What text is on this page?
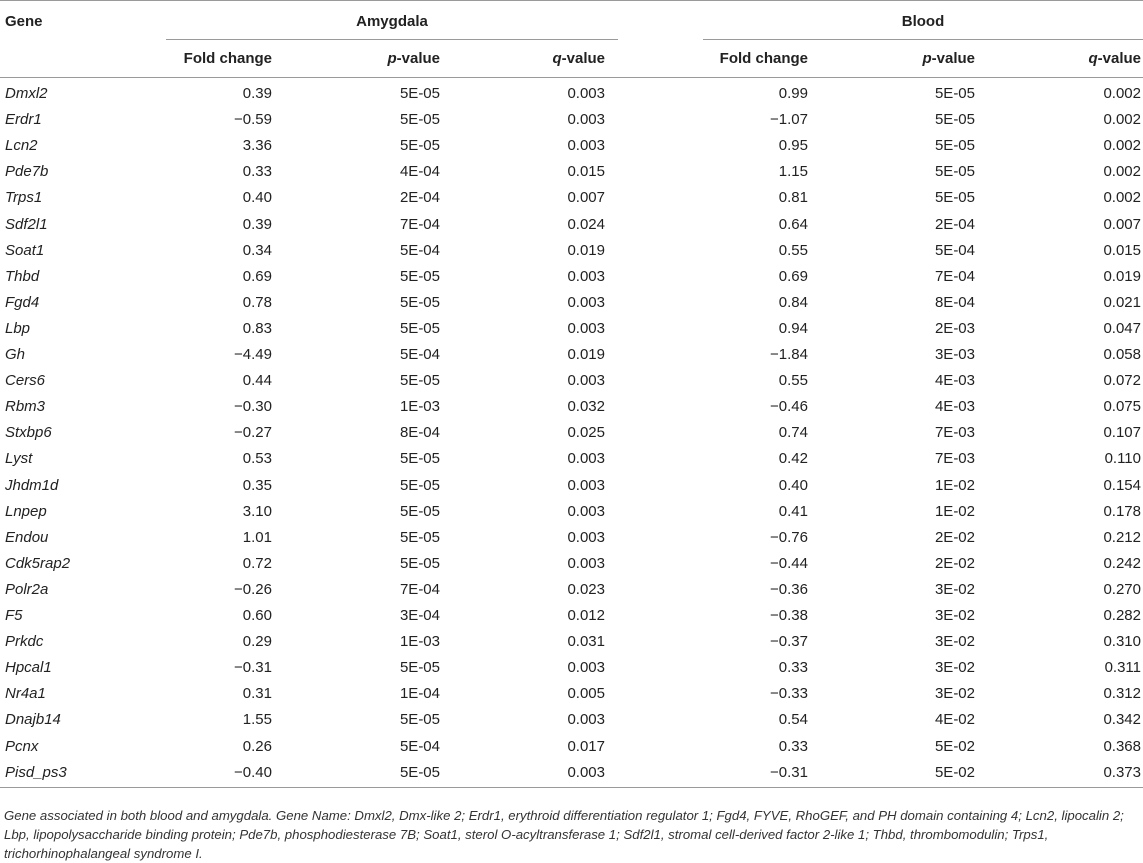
Gene	Amygdala	Blood
Fold change	p-value	q-value	Fold change	p-value	q-value
Dmxl2	0.39	5E-05	0.003	0.99	5E-05	0.002
Erdr1	−0.59	5E-05	0.003	−1.07	5E-05	0.002
Lcn2	3.36	5E-05	0.003	0.95	5E-05	0.002
Pde7b	0.33	4E-04	0.015	1.15	5E-05	0.002
Trps1	0.40	2E-04	0.007	0.81	5E-05	0.002
Sdf2l1	0.39	7E-04	0.024	0.64	2E-04	0.007
Soat1	0.34	5E-04	0.019	0.55	5E-04	0.015
Thbd	0.69	5E-05	0.003	0.69	7E-04	0.019
Fgd4	0.78	5E-05	0.003	0.84	8E-04	0.021
Lbp	0.83	5E-05	0.003	0.94	2E-03	0.047
Gh	−4.49	5E-04	0.019	−1.84	3E-03	0.058
Cers6	0.44	5E-05	0.003	0.55	4E-03	0.072
Rbm3	−0.30	1E-03	0.032	−0.46	4E-03	0.075
Stxbp6	−0.27	8E-04	0.025	0.74	7E-03	0.107
Lyst	0.53	5E-05	0.003	0.42	7E-03	0.110
Jhdm1d	0.35	5E-05	0.003	0.40	1E-02	0.154
Lnpep	3.10	5E-05	0.003	0.41	1E-02	0.178
Endou	1.01	5E-05	0.003	−0.76	2E-02	0.212
Cdk5rap2	0.72	5E-05	0.003	−0.44	2E-02	0.242
Polr2a	−0.26	7E-04	0.023	−0.36	3E-02	0.270
F5	0.60	3E-04	0.012	−0.38	3E-02	0.282
Prkdc	0.29	1E-03	0.031	−0.37	3E-02	0.310
Hpcal1	−0.31	5E-05	0.003	0.33	3E-02	0.311
Nr4a1	0.31	1E-04	0.005	−0.33	3E-02	0.312
Dnajb14	1.55	5E-05	0.003	0.54	4E-02	0.342
Pcnx	0.26	5E-04	0.017	0.33	5E-02	0.368
Pisd_ps3	−0.40	5E-05	0.003	−0.31	5E-02	0.373
Gene associated in both blood and amygdala. Gene Name: Dmxl2, Dmx-like 2; Erdr1, erythroid differentiation regulator 1; Fgd4, FYVE, RhoGEF, and PH domain containing 4; Lcn2, lipocalin 2; Lbp, lipopolysaccharide binding protein; Pde7b, phosphodiesterase 7B; Soat1, sterol O-acyltransferase 1; Sdf2l1, stromal cell-derived factor 2-like 1; Thbd, thrombomodulin; Trps1, trichorhinophalangeal syndrome I.
